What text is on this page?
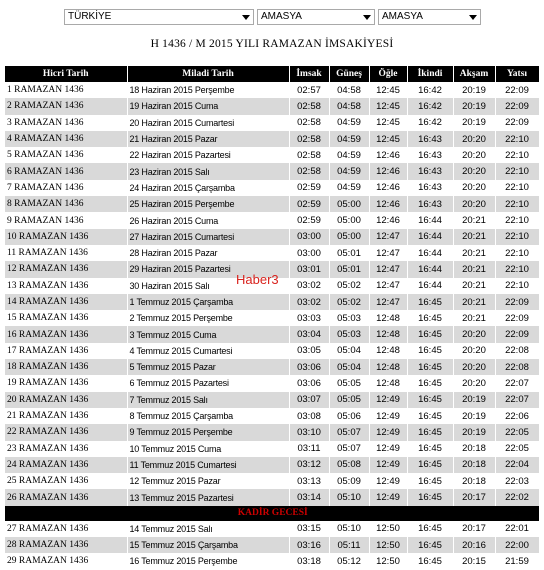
TÜRKİYE	AMASYA	AMASYA
H 1436 / M 2015 YILI RAMAZAN İMSAKİYESİ
Hicri Tarih	Miladi Tarih	İmsak	Güneş	Öğle	İkindi	Akşam	Yatsı
1 RAMAZAN 1436	18 Haziran 2015 Perşembe	02:57	04:58	12:45	16:42	20:19	22:09
2 RAMAZAN 1436	19 Haziran 2015 Cuma	02:58	04:58	12:45	16:42	20:19	22:09
3 RAMAZAN 1436	20 Haziran 2015 Cumartesi	02:58	04:59	12:45	16:42	20:19	22:09
4 RAMAZAN 1436	21 Haziran 2015 Pazar	02:58	04:59	12:45	16:43	20:20	22:10
5 RAMAZAN 1436	22 Haziran 2015 Pazartesi	02:58	04:59	12:46	16:43	20:20	22:10
6 RAMAZAN 1436	23 Haziran 2015 Salı	02:58	04:59	12:46	16:43	20:20	22:10
7 RAMAZAN 1436	24 Haziran 2015 Çarşamba	02:59	04:59	12:46	16:43	20:20	22:10
8 RAMAZAN 1436	25 Haziran 2015 Perşembe	02:59	05:00	12:46	16:43	20:20	22:10
9 RAMAZAN 1436	26 Haziran 2015 Cuma	02:59	05:00	12:46	16:44	20:21	22:10
10 RAMAZAN 1436	27 Haziran 2015 Cumartesi	03:00	05:00	12:47	16:44	20:21	22:10
11 RAMAZAN 1436	28 Haziran 2015 Pazar	03:00	05:01	12:47	16:44	20:21	22:10
12 RAMAZAN 1436	29 Haziran 2015 Pazartesi	03:01	05:01	12:47	16:44	20:21	22:10
13 RAMAZAN 1436	30 Haziran 2015 Salı	03:02	05:02	12:47	16:44	20:21	22:10
14 RAMAZAN 1436	1 Temmuz 2015 Çarşamba	03:02	05:02	12:47	16:45	20:21	22:09
15 RAMAZAN 1436	2 Temmuz 2015 Perşembe	03:03	05:03	12:48	16:45	20:21	22:09
16 RAMAZAN 1436	3 Temmuz 2015 Cuma	03:04	05:03	12:48	16:45	20:20	22:09
17 RAMAZAN 1436	4 Temmuz 2015 Cumartesi	03:05	05:04	12:48	16:45	20:20	22:08
18 RAMAZAN 1436	5 Temmuz 2015 Pazar	03:06	05:04	12:48	16:45	20:20	22:08
19 RAMAZAN 1436	6 Temmuz 2015 Pazartesi	03:06	05:05	12:48	16:45	20:20	22:07
20 RAMAZAN 1436	7 Temmuz 2015 Salı	03:07	05:05	12:49	16:45	20:19	22:07
21 RAMAZAN 1436	8 Temmuz 2015 Çarşamba	03:08	05:06	12:49	16:45	20:19	22:06
22 RAMAZAN 1436	9 Temmuz 2015 Perşembe	03:10	05:07	12:49	16:45	20:19	22:05
23 RAMAZAN 1436	10 Temmuz 2015 Cuma	03:11	05:07	12:49	16:45	20:18	22:05
24 RAMAZAN 1436	11 Temmuz 2015 Cumartesi	03:12	05:08	12:49	16:45	20:18	22:04
25 RAMAZAN 1436	12 Temmuz 2015 Pazar	03:13	05:09	12:49	16:45	20:18	22:03
26 RAMAZAN 1436	13 Temmuz 2015 Pazartesi	03:14	05:10	12:49	16:45	20:17	22:02
KADİR GECESİ							
27 RAMAZAN 1436	14 Temmuz 2015 Salı	03:15	05:10	12:50	16:45	20:17	22:01
28 RAMAZAN 1436	15 Temmuz 2015 Çarşamba	03:16	05:11	12:50	16:45	20:16	22:00
29 RAMAZAN 1436	16 Temmuz 2015 Perşembe	03:18	05:12	12:50	16:45	20:15	21:59
Haber3
